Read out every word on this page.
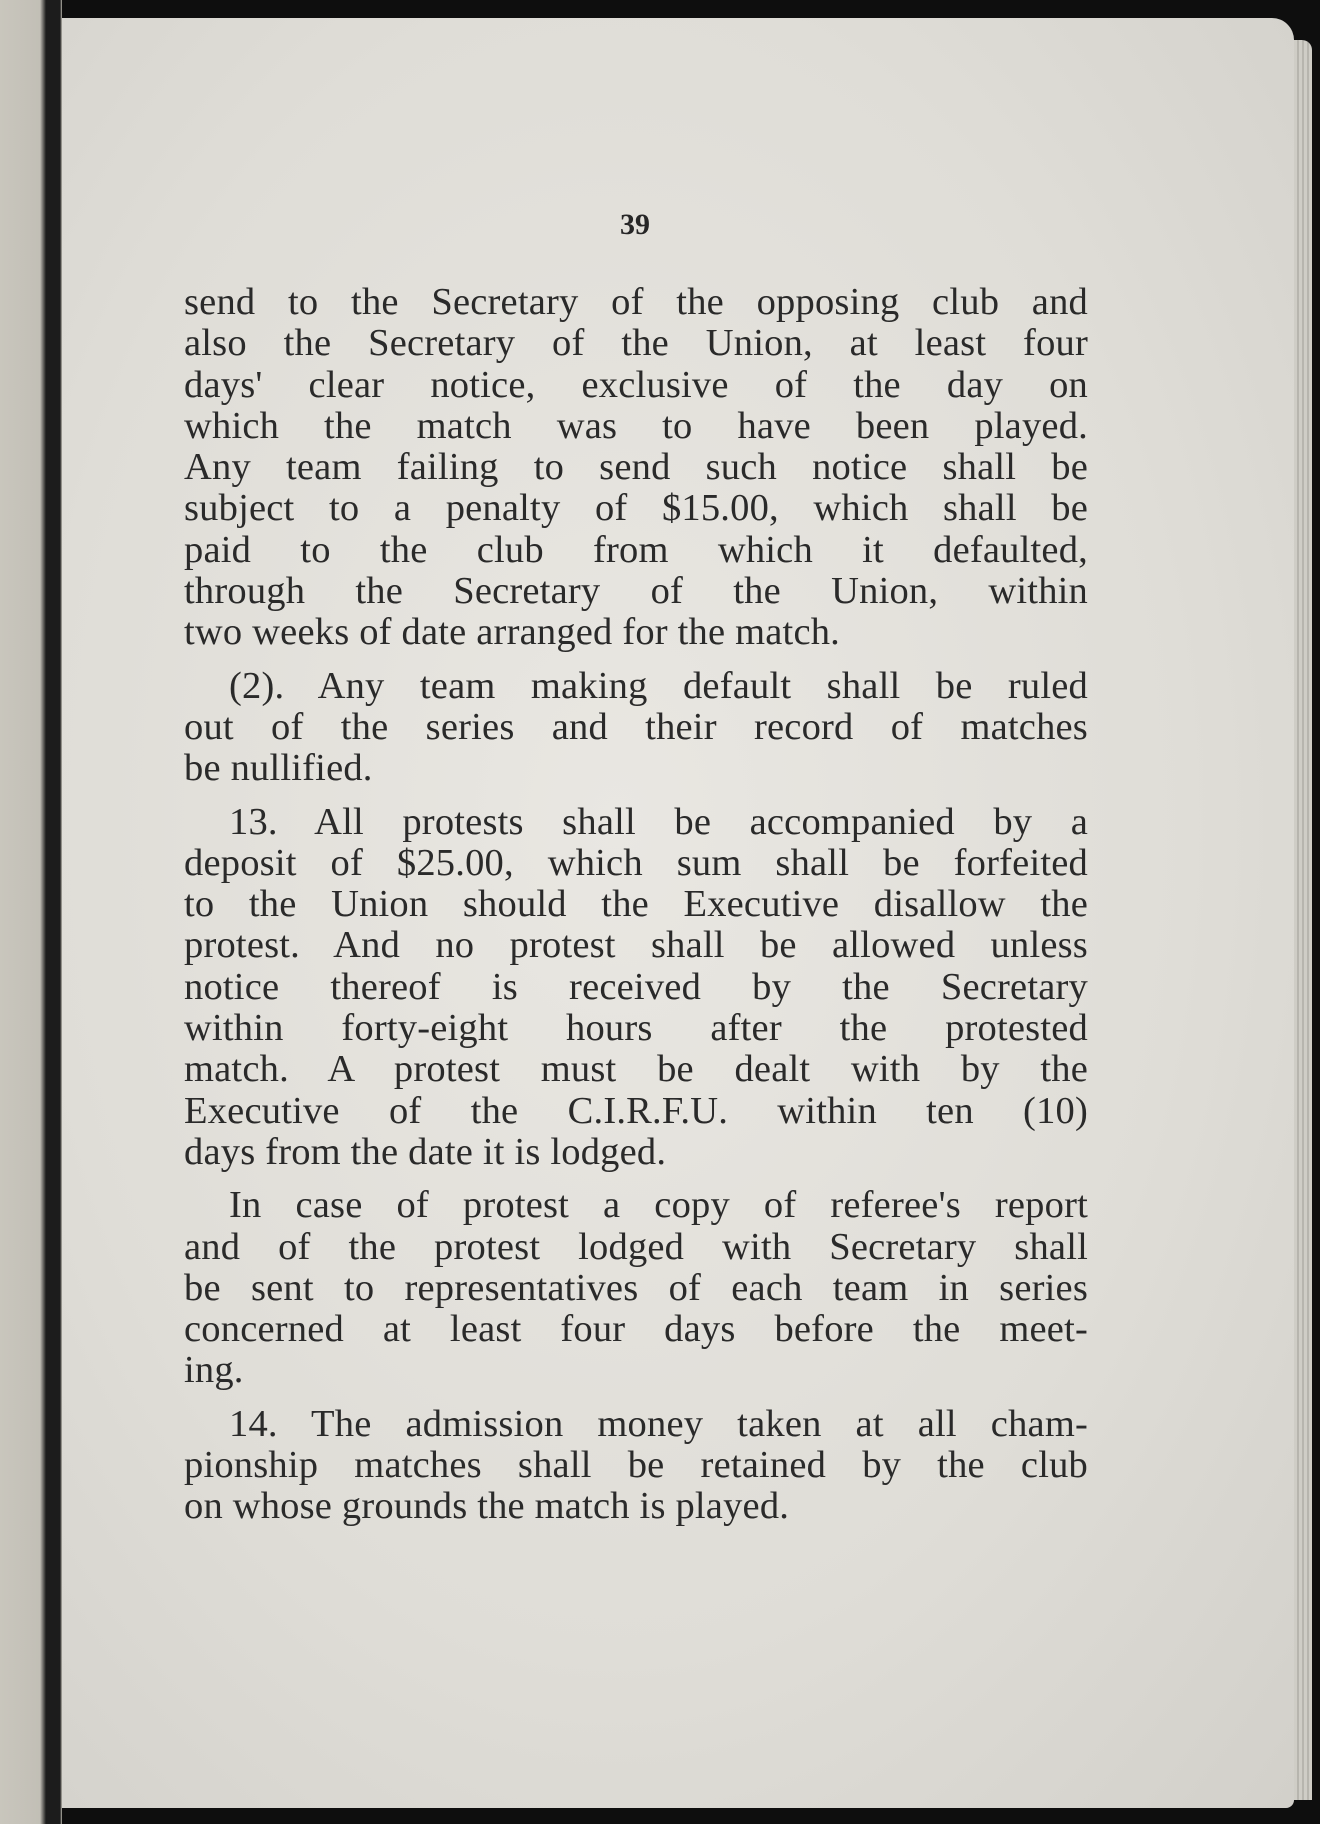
39

send to the Secretary of the opposing club and

also the Secretary of the Union, at least four

days' clear notice, exclusive of the day on

which the match was to have been played.

Any team failing to send such notice shall be

subject to a penalty of $15.00, which shall be

paid to the club from which it defaulted,

through the Secretary of the Union, within

two weeks of date arranged for the match.

(2). Any team making default shall be ruled

out of the series and their record of matches

be nullified.

13. All protests shall be accompanied by a

deposit of $25.00, which sum shall be forfeited

to the Union should the Executive disallow the

protest. And no protest shall be allowed unless

notice thereof is received by the Secretary

within forty-eight hours after the protested

match. A protest must be dealt with by the

Executive of the C.I.R.F.U. within ten (10)

days from the date it is lodged.

In case of protest a copy of referee's report

and of the protest lodged with Secretary shall

be sent to representatives of each team in series

concerned at least four days before the meet-

ing.

14. The admission money taken at all cham-

pionship matches shall be retained by the club

on whose grounds the match is played.
